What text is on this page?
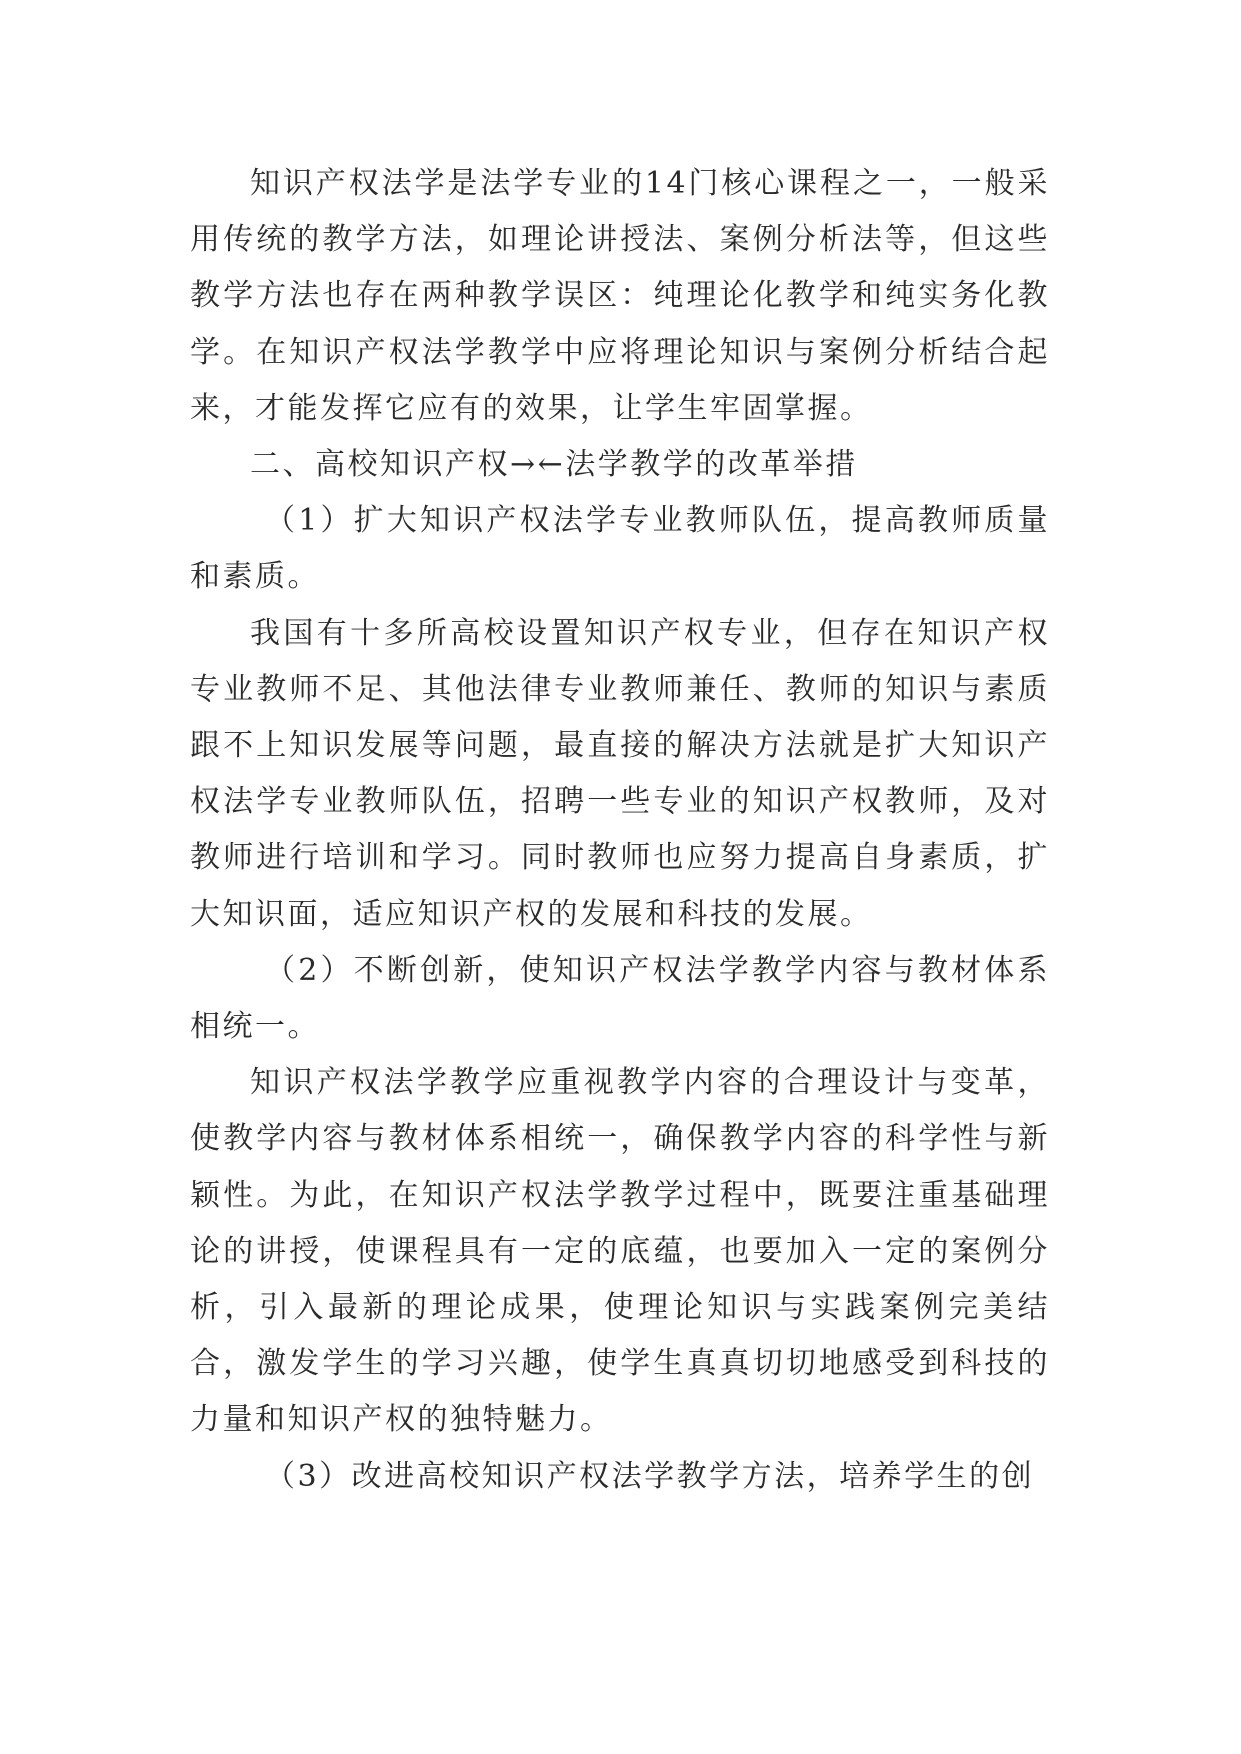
知识产权法学是法学专业的14门核心课程之一，一般采用传统的教学方法，如理论讲授法、案例分析法等，但这些教学方法也存在两种教学误区：纯理论化教学和纯实务化教学。在知识产权法学教学中应将理论知识与案例分析结合起来，才能发挥它应有的效果，让学生牢固掌握。

二、高校知识产权→←法学教学的改革举措

（1）扩大知识产权法学专业教师队伍，提高教师质量和素质。

我国有十多所高校设置知识产权专业，但存在知识产权专业教师不足、其他法律专业教师兼任、教师的知识与素质跟不上知识发展等问题，最直接的解决方法就是扩大知识产权法学专业教师队伍，招聘一些专业的知识产权教师，及对教师进行培训和学习。同时教师也应努力提高自身素质，扩大知识面，适应知识产权的发展和科技的发展。

（2）不断创新，使知识产权法学教学内容与教材体系相统一。

知识产权法学教学应重视教学内容的合理设计与变革，使教学内容与教材体系相统一，确保教学内容的科学性与新颖性。为此，在知识产权法学教学过程中，既要注重基础理论的讲授，使课程具有一定的底蕴，也要加入一定的案例分析，引入最新的理论成果，使理论知识与实践案例完美结合，激发学生的学习兴趣，使学生真真切切地感受到科技的力量和知识产权的独特魅力。

（3）改进高校知识产权法学教学方法，培养学生的创
